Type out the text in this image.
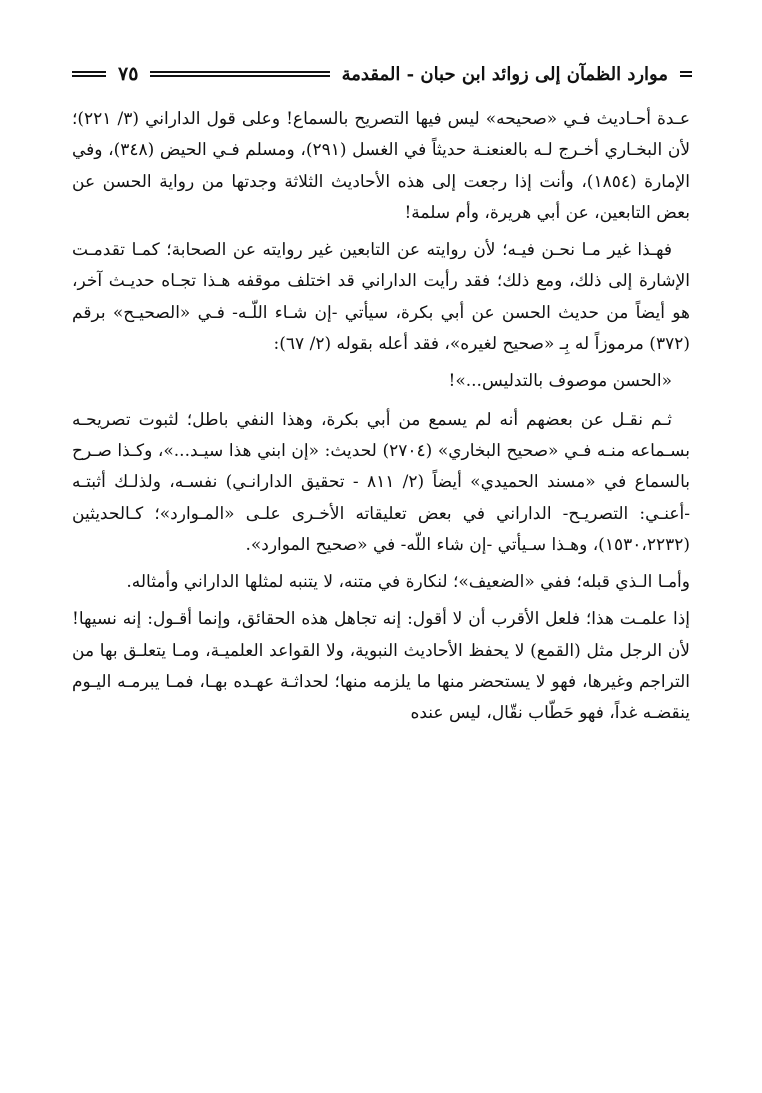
موارد الظمآن إلى زوائد ابن حبان - المقدمة
٧٥

عـدة أحـاديث فـي «صحيحه» ليس فيها التصريح بالسماع! وعلى قول الداراني (٣/ ٢٢١)؛ لأن البخـاري أخـرج لـه بالعنعنـة حديثاً في الغسل (٢٩١)، ومسلم فـي الحيض (٣٤٨)، وفي الإمارة (١٨٥٤)، وأنت إذا رجعت إلى هذه الأحاديث الثلاثة وجدتها من رواية الحسن عن بعض التابعين، عن أبي هريرة، وأم سلمة!

فهـذا غير مـا نحـن فيـه؛ لأن روايته عن التابعين غير روايته عن الصحابة؛ كمـا تقدمـت الإشارة إلى ذلك، ومع ذلك؛ فقد رأيت الداراني قد اختلف موقفه هـذا تجـاه حديـث آخر، هو أيضاً من حديث الحسن عن أبي بكرة، سيأتي -إن شـاء اللّـه- فـي «الصحيـح» برقم (٣٧٢) مرموزاً له بِـ «صحيح لغيره»، فقد أعله بقوله (٢/ ٦٧):

«الحسن موصوف بالتدليس...»!

ثـم نقـل عن بعضهم أنه لم يسمع من أبي بكرة، وهذا النفي باطل؛ لثبوت تصريحـه بسـماعه منـه فـي «صحيح البخاري» (٢٧٠٤) لحديث: «إن ابني هذا سيـد...»، وكـذا صـرح بالسماع في «مسند الحميدي» أيضاً (٢/ ٨١١ - تحقيق الدارانـي) نفسـه، ولذلـك أثبتـه -أعنـي: التصريـح- الداراني في بعض تعليقاته الأخـرى علـى «المـوارد»؛ كـالحديثين (١٥٣٠،٢٢٣٢)، وهـذا سـيأتي -إن شاء اللّه- في «صحيح الموارد».

وأمـا الـذي قبله؛ ففي «الضعيف»؛ لنكارة في متنه، لا يتنبه لمثلها الداراني وأمثاله.

إذا علمـت هذا؛ فلعل الأقرب أن لا أقول: إنه تجاهل هذه الحقائق، وإنما أقـول: إنه نسيها! لأن الرجل مثل (القمع) لا يحفظ الأحاديث النبوية، ولا القواعد العلميـة، ومـا يتعلـق بها من التراجم وغيرها، فهو لا يستحضر منها ما يلزمه منها؛ لحداثـة عهـده بهـا، فمـا يبرمـه اليـوم ينقضـه غداً، فهو حَطّاب نقّال، ليس عنده
